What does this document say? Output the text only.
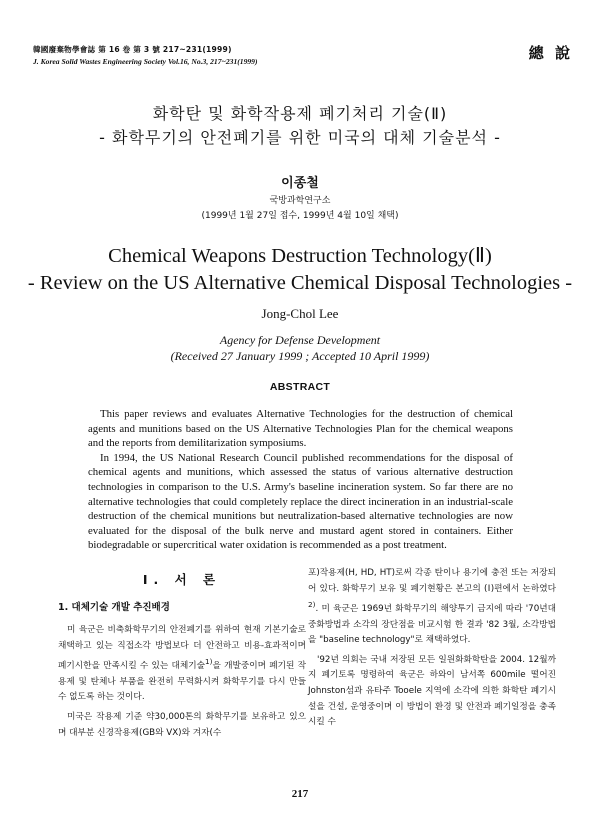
韓國廢棄物學會誌 第 16 卷 第 3 號 217~231(1999)
J. Korea Solid Wastes Engineering Society Vol.16, No.3, 217~231(1999)	總 說
화학탄 및 화학작용제 폐기처리 기술(Ⅱ)
- 화학무기의 안전폐기를 위한 미국의 대체 기술분석 -
이종철
국방과학연구소
(1999년 1월 27일 접수, 1999년 4월 10일 채택)
Chemical Weapons Destruction Technology(Ⅱ)
- Review on the US Alternative Chemical Disposal Technologies -
Jong-Chol Lee
Agency for Defense Development
(Received 27 January 1999 ; Accepted 10 April 1999)
ABSTRACT

This paper reviews and evaluates Alternative Technologies for the destruction of chemical agents and munitions based on the US Alternative Technologies Plan for the chemical weapons and the reports from demilitarization symposiums.

In 1994, the US National Research Council published recommendations for the disposal of chemical agents and munitions, which assessed the status of various alternative destruction technologies in comparison to the U.S. Army's baseline incineration system. So far there are no alternative technologies that could completely replace the direct incineration in an industrial-scale destruction of the chemical munitions but neutralization-based alternative technologies are now evaluated for the disposal of the bulk nerve and mustard agent stored in containers. Either biodegradable or supercritical water oxidation is recommended as a post treatment.

Ⅰ. 서 론
1. 대체기술 개발 추진배경

미 육군은 비축화학무기의 안전폐기를 위하여 현재 기본기술로 채택하고 있는 직접소각 방법보다 더 안전하고 비용-효과적이며 폐기시한을 만족시킬 수 있는 대체기술$^{1)}$을 개발중이며 폐기된 작용제 및 탄체나 부품을 완전히 무력화시켜 화학무기를 다시 만들 수 없도록 하는 것이다.

미국은 작용제 기준 약30,000톤의 화학무기를 보유하고 있으며 대부분 신경작용제(GB와 VX)와 겨자(수

포)작용제(H, HD, HT)로써 각종 탄이나 용기에 충전 또는 저장되어 있다. 화학무기 보유 및 폐기현황은 본고의 (Ⅰ)편에서 논하였다$^{2)}$. 미 육군은 1969년 화학무기의 해양투기 금지에 따라 '70년대 중화방법과 소각의 장단점을 비교시험 한 결과 '82 3월, 소각방법을 "baseline technology"로 채택하였다.

'92년 의회는 국내 저장된 모든 일원화화학탄을 2004. 12월까지 폐기토록 명령하여 육군은 하와이 남서쪽 600mile 떨어진 Johnston섬과 유타주 Tooele 지역에 소각에 의한 화학탄 폐기시설을 건설, 운영중이며 이 방법이 환경 및 안전과 폐기일정을 충족시킬 수

217
